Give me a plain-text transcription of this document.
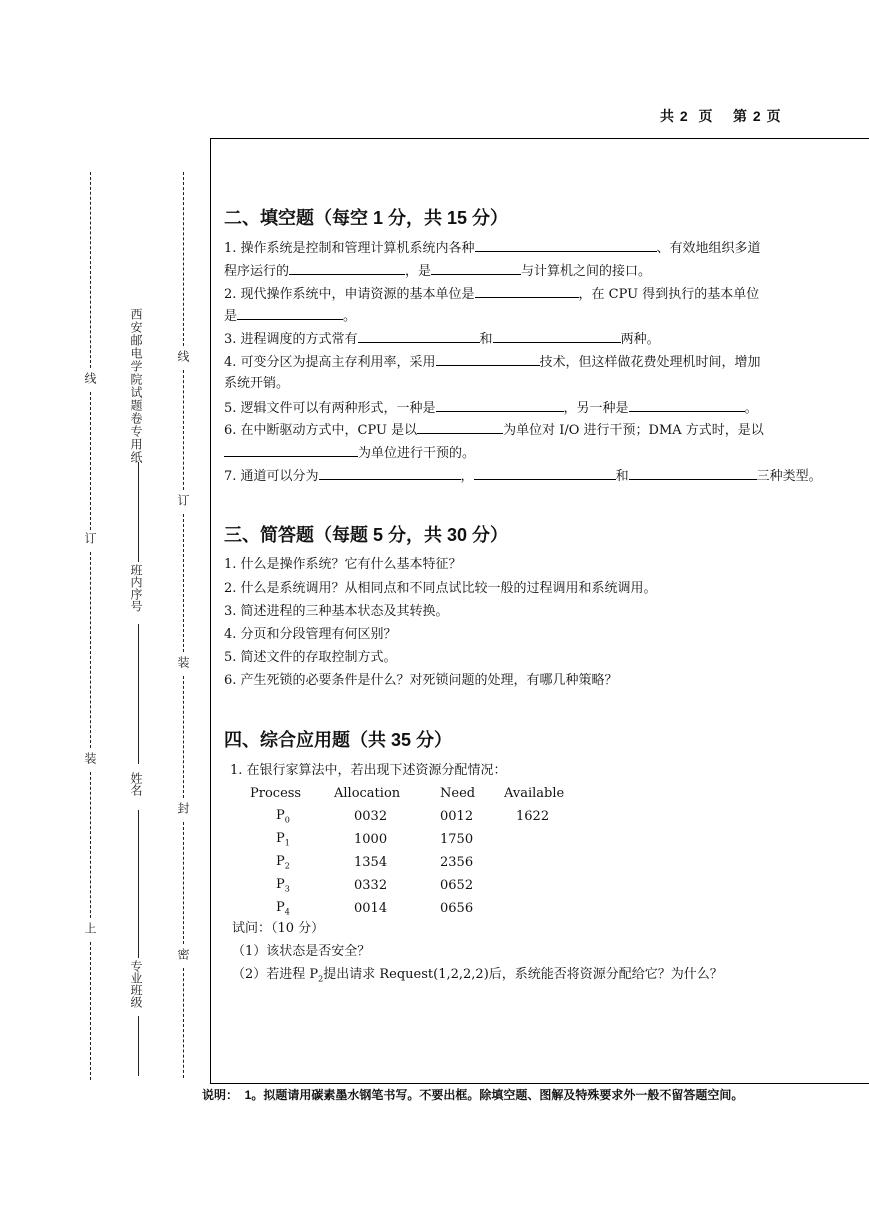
共 2  页    第 2 页
线
订
装
上
西安邮电学院试题卷专用纸
班内序号
姓名
专业班级
线
订
装
封
密
二、填空题（每空 1 分，共 15 分）
1. 操作系统是控制和管理计算机系统内各种	、有效地组织多道
程序运行的	，是	与计算机之间的接口。
2. 现代操作系统中，申请资源的基本单位是	，在 CPU 得到执行的基本单位
是	。
3. 进程调度的方式常有	和	两种。
4. 可变分区为提高主存利用率，采用	技术，但这样做花费处理机时间，增加
系统开销。
5. 逻辑文件可以有两种形式，一种是	，另一种是	。
6. 在中断驱动方式中，CPU 是以	为单位对 I/O 进行干预；DMA 方式时，是以
为单位进行干预的。
7. 通道可以分为	，	和	三种类型。
三、简答题（每题 5 分，共 30 分）
1. 什么是操作系统？它有什么基本特征？
2. 什么是系统调用？从相同点和不同点试比较一般的过程调用和系统调用。
3. 简述进程的三种基本状态及其转换。
4. 分页和分段管理有何区别？
5. 简述文件的存取控制方式。
6. 产生死锁的必要条件是什么？对死锁问题的处理，有哪几种策略？
四、综合应用题（共 35 分）
1. 在银行家算法中，若出现下述资源分配情况：
Process	Allocation	Need	Available
$P_0$	0032	0012	1622
$P_1$	1000	1750	
$P_2$	1354	2356	
$P_3$	0332	0652	
$P_4$	0014	0656	
试问：（10 分）
（1）该状态是否安全？
（2）若进程 $P_2$提出请求 Request(1,2,2,2)后，系统能否将资源分配给它？为什么？
说明：  1。拟题请用碳素墨水钢笔书写。不要出框。除填空题、图解及特殊要求外一般不留答题空间。
